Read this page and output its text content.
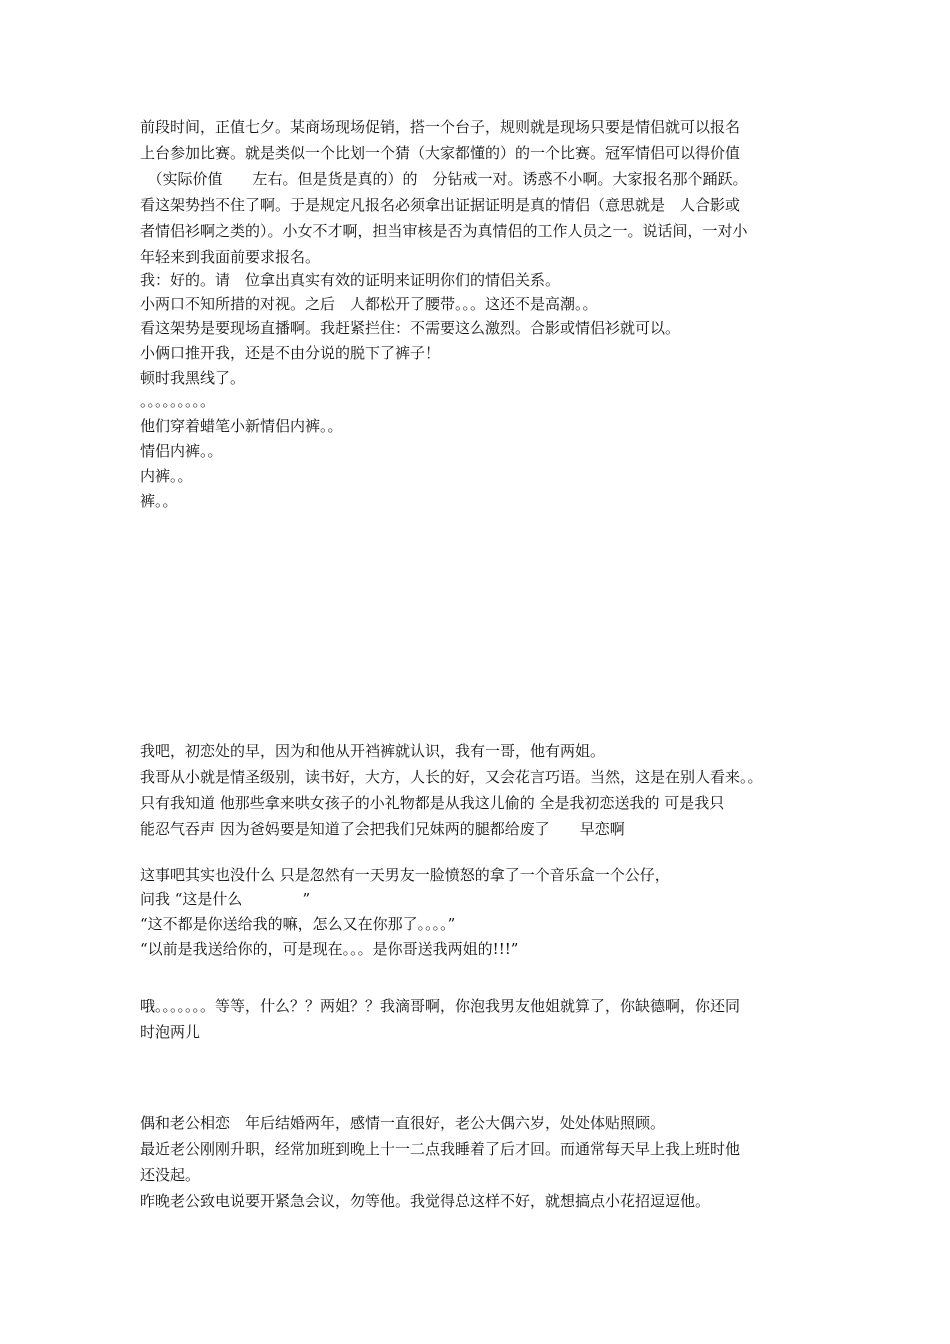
前段时间，正值七夕。某商场现场促销，搭一个台子，规则就是现场只要是情侣就可以报名
上台参加比赛。就是类似一个比划一个猜（大家都懂的）的一个比赛。冠军情侣可以得价值
　（实际价值　　左右。但是货是真的）的　分钻戒一对。诱惑不小啊。大家报名那个踊跃。
看这架势挡不住了啊。于是规定凡报名必须拿出证据证明是真的情侣（意思就是　人合影或
者情侣衫啊之类的）。小女不才啊，担当审核是否为真情侣的工作人员之一。说话间，一对小
年轻来到我面前要求报名。
我：好的。请　位拿出真实有效的证明来证明你们的情侣关系。
小两口不知所措的对视。之后　人都松开了腰带。。。这还不是高潮。。
看这架势是要现场直播啊。我赶紧拦住：不需要这么激烈。合影或情侣衫就可以。
小俩口推开我，还是不由分说的脱下了裤子！
顿时我黑线了。
。。。。。。。。。
他们穿着蜡笔小新情侣内裤。。
情侣内裤。。
内裤。。
裤。。
我吧，初恋处的早，因为和他从开裆裤就认识，我有一哥，他有两姐。
我哥从小就是情圣级别，读书好，大方，人长的好，又会花言巧语。当然，这是在别人看来。。
只有我知道 他那些拿来哄女孩子的小礼物都是从我这儿偷的 全是我初恋送我的 可是我只
能忍气吞声 因为爸妈要是知道了会把我们兄妹两的腿都给废了　　早恋啊
这事吧其实也没什么 只是忽然有一天男友一脸愤怒的拿了一个音乐盒一个公仔，
问我 “这是什么　　　　”
“这不都是你送给我的嘛，怎么又在你那了。。。。”
“以前是我送给你的，可是现在。。。是你哥送我两姐的!!!”
哦。。。。。。。等等，什么？？两姐？？我滴哥啊，你泡我男友他姐就算了，你缺德啊，你还同
时泡两儿
偶和老公相恋　年后结婚两年，感情一直很好，老公大偶六岁，处处体贴照顾。
最近老公刚刚升职，经常加班到晚上十一二点我睡着了后才回。而通常每天早上我上班时他
还没起。
昨晚老公致电说要开紧急会议，勿等他。我觉得总这样不好，就想搞点小花招逗逗他。
